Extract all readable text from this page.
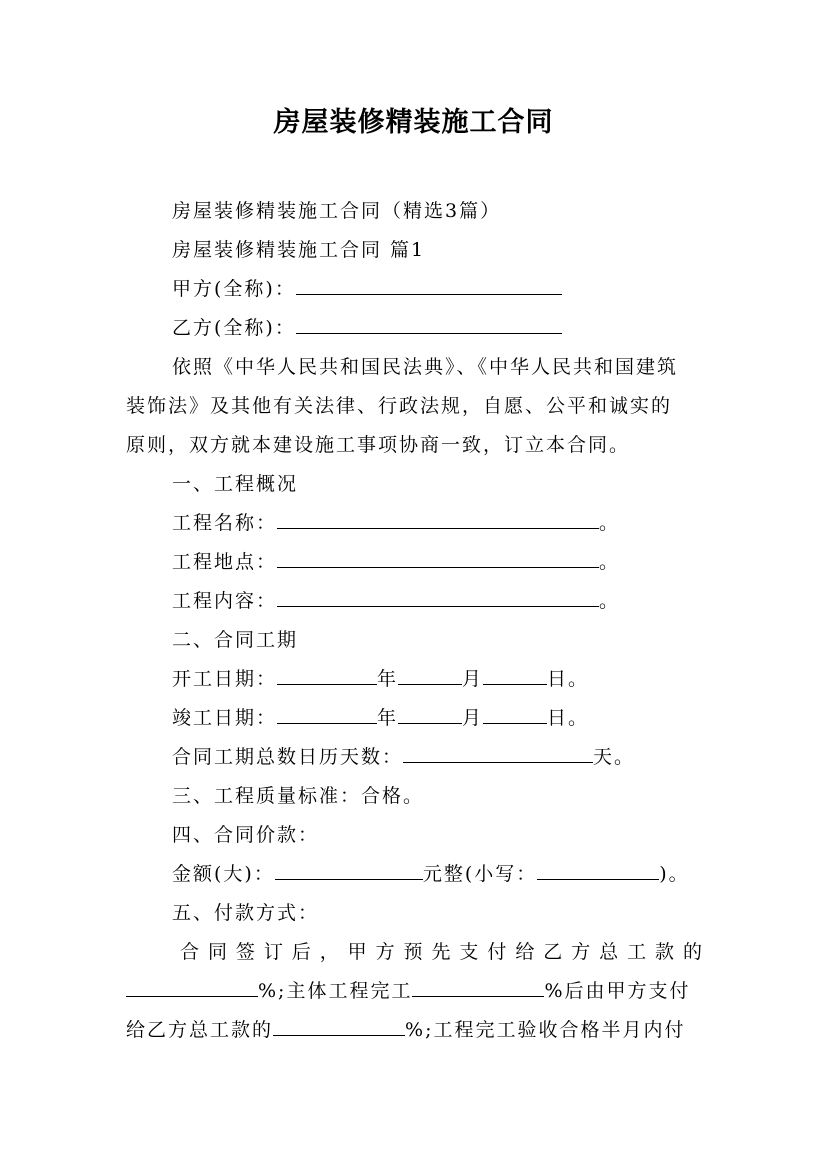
房屋装修精装施工合同
房屋装修精装施工合同（精选3篇）
房屋装修精装施工合同 篇1
甲方(全称)：
乙方(全称)：
依照《中华人民共和国民法典》、《中华人民共和国建筑
装饰法》及其他有关法律、行政法规，自愿、公平和诚实的
原则，双方就本建设施工事项协商一致，订立本合同。
一、工程概况
工程名称：	。
工程地点：	。
工程内容：	。
二、合同工期
开工日期：	年	月	日。
竣工日期：	年	月	日。
合同工期总数日历天数：	天。
三、工程质量标准：合格。
四、合同价款：
金额(大)：	元整(小写：	)。
五、付款方式：
合同签订后，甲方预先支付给乙方总工款的
%;主体工程完工	%后由甲方支付
给乙方总工款的	%;工程完工验收合格半月内付
